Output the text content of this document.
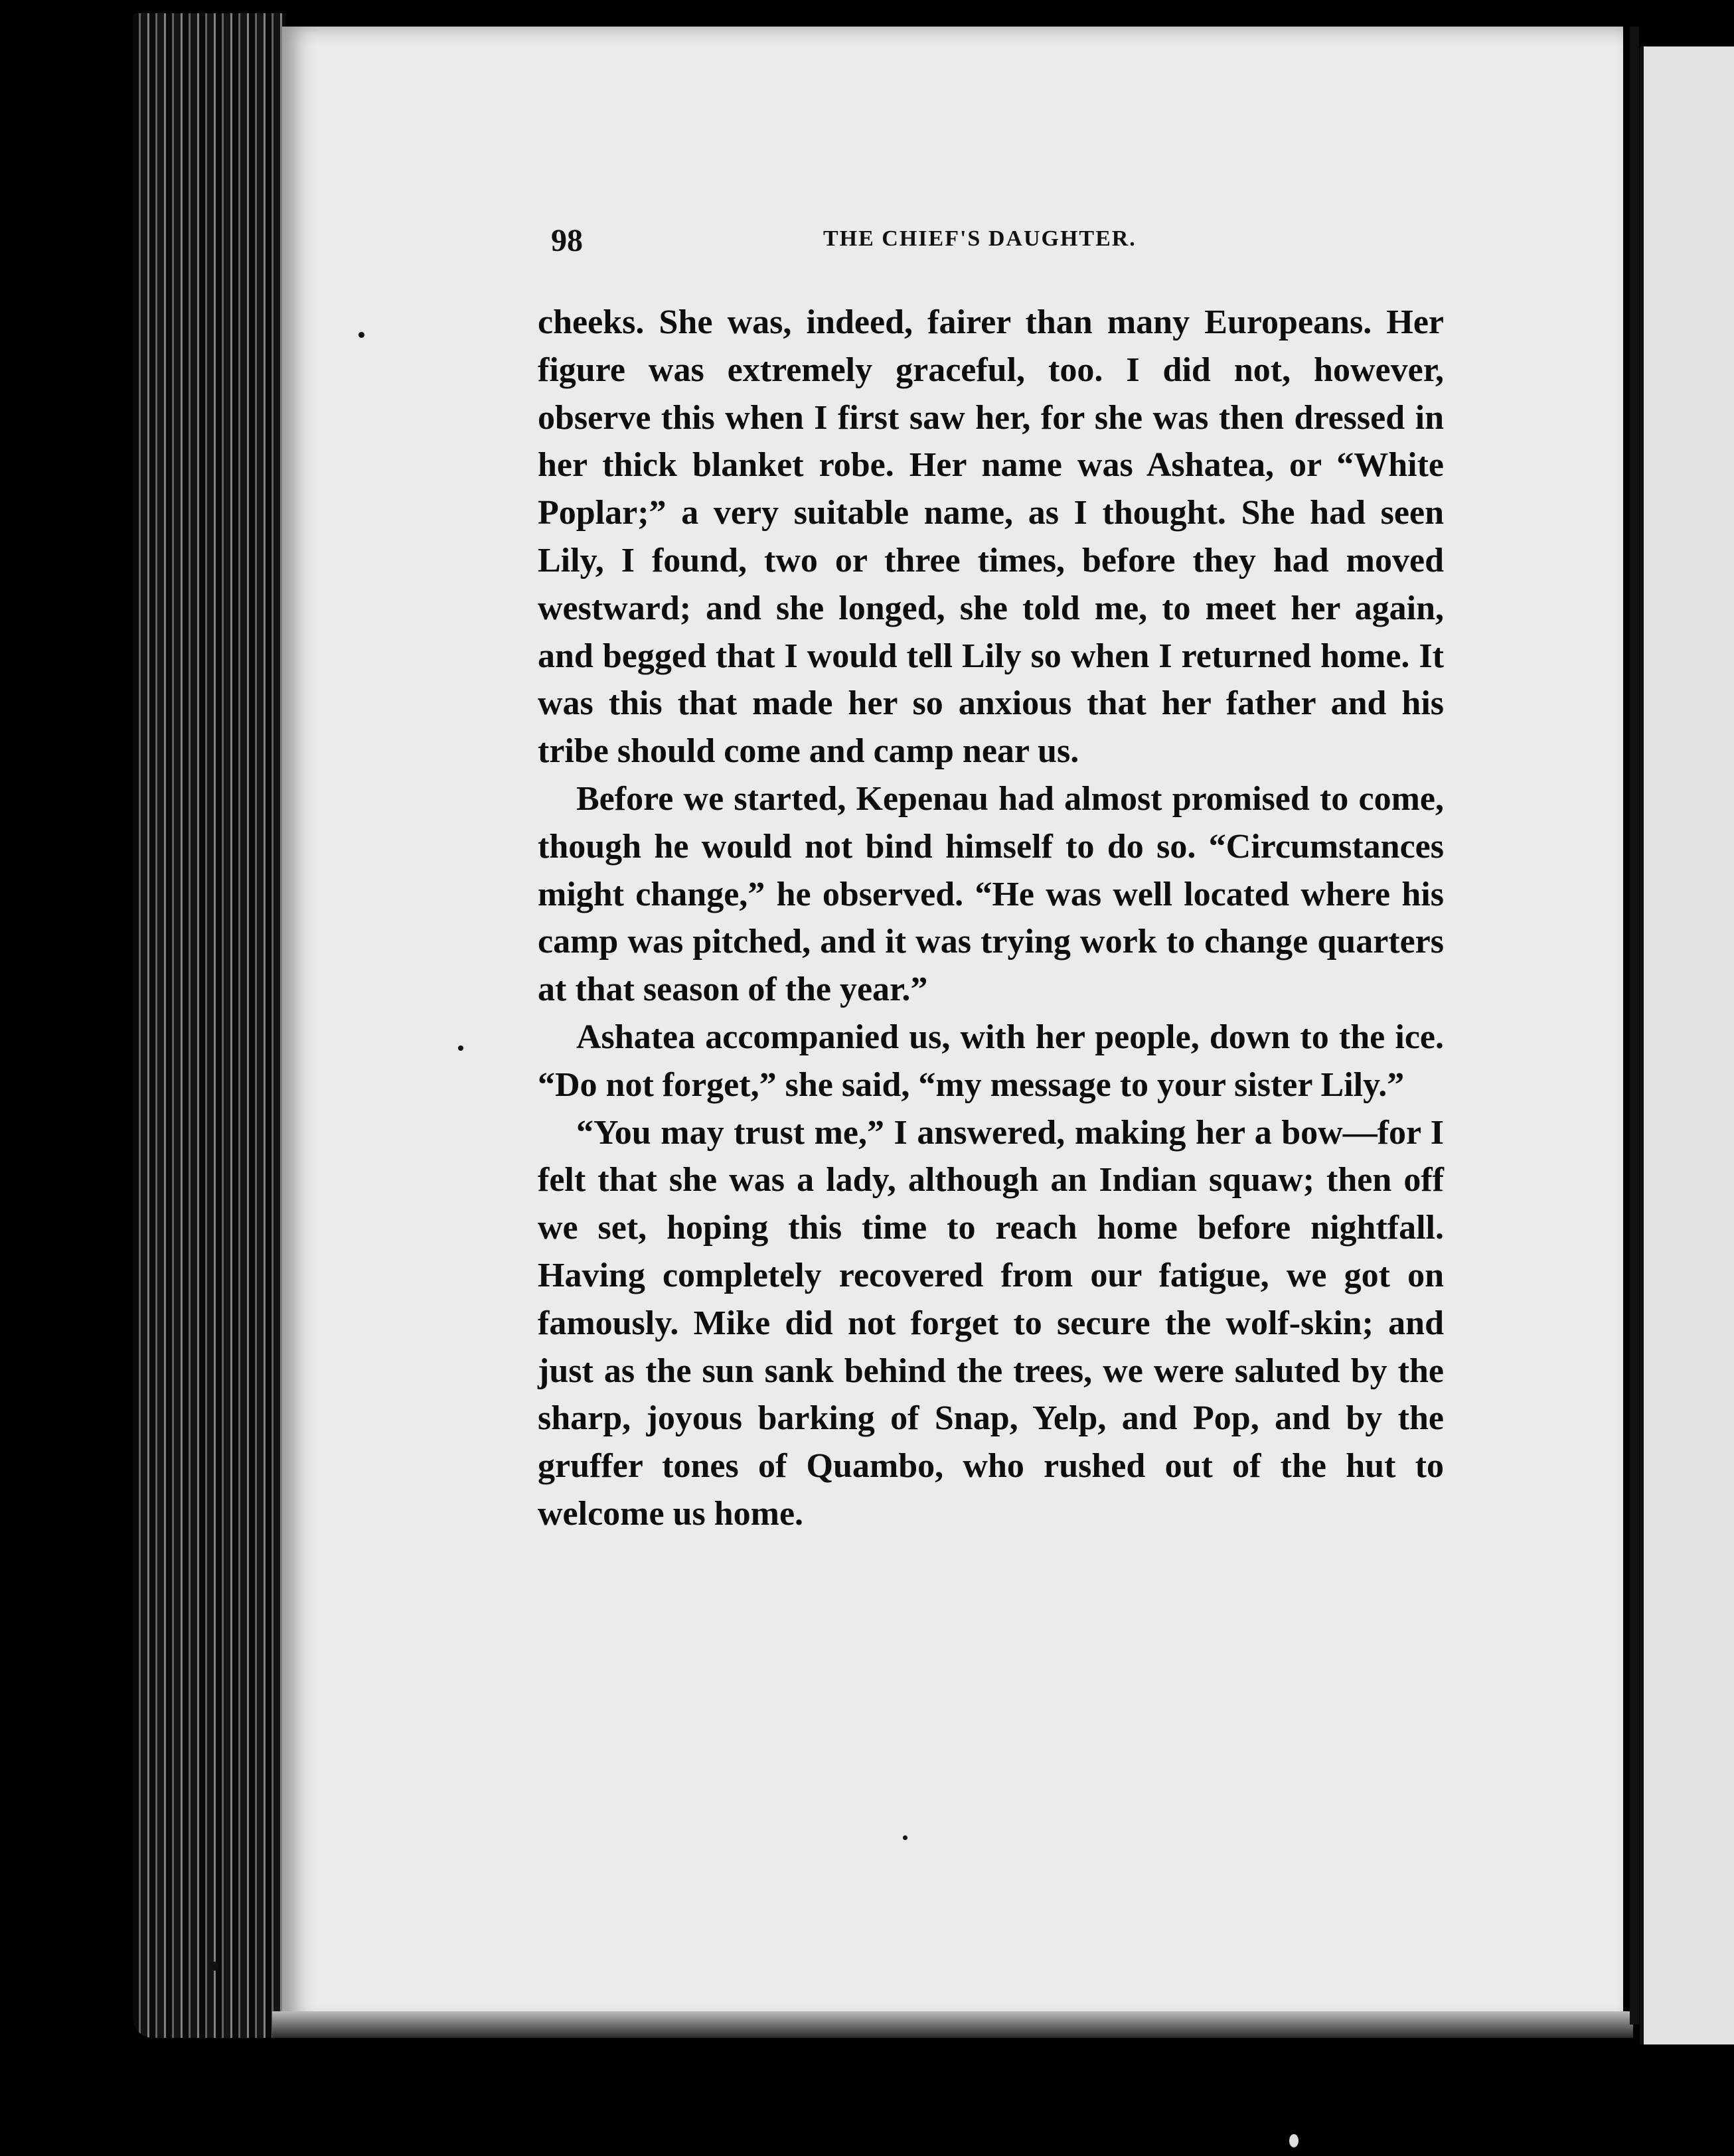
98	THE CHIEF'S DAUGHTER.

cheeks. She was, indeed, fairer than many Europeans. Her figure was extremely graceful, too. I did not, however, observe this when I first saw her, for she was then dressed in her thick blanket robe. Her name was Ashatea, or “White Poplar;” a very suitable name, as I thought. She had seen Lily, I found, two or three times, before they had moved westward; and she longed, she told me, to meet her again, and begged that I would tell Lily so when I returned home. It was this that made her so anxious that her father and his tribe should come and camp near us.

Before we started, Kepenau had almost promised to come, though he would not bind himself to do so. “Circumstances might change,” he observed. “He was well located where his camp was pitched, and it was trying work to change quarters at that season of the year.”

Ashatea accompanied us, with her people, down to the ice. “Do not forget,” she said, “my message to your sister Lily.”

“You may trust me,” I answered, making her a bow—for I felt that she was a lady, although an Indian squaw; then off we set, hoping this time to reach home before nightfall. Having completely recovered from our fatigue, we got on famously. Mike did not forget to secure the wolf-skin; and just as the sun sank behind the trees, we were saluted by the sharp, joyous barking of Snap, Yelp, and Pop, and by the gruffer tones of Quambo, who rushed out of the hut to welcome us home.
